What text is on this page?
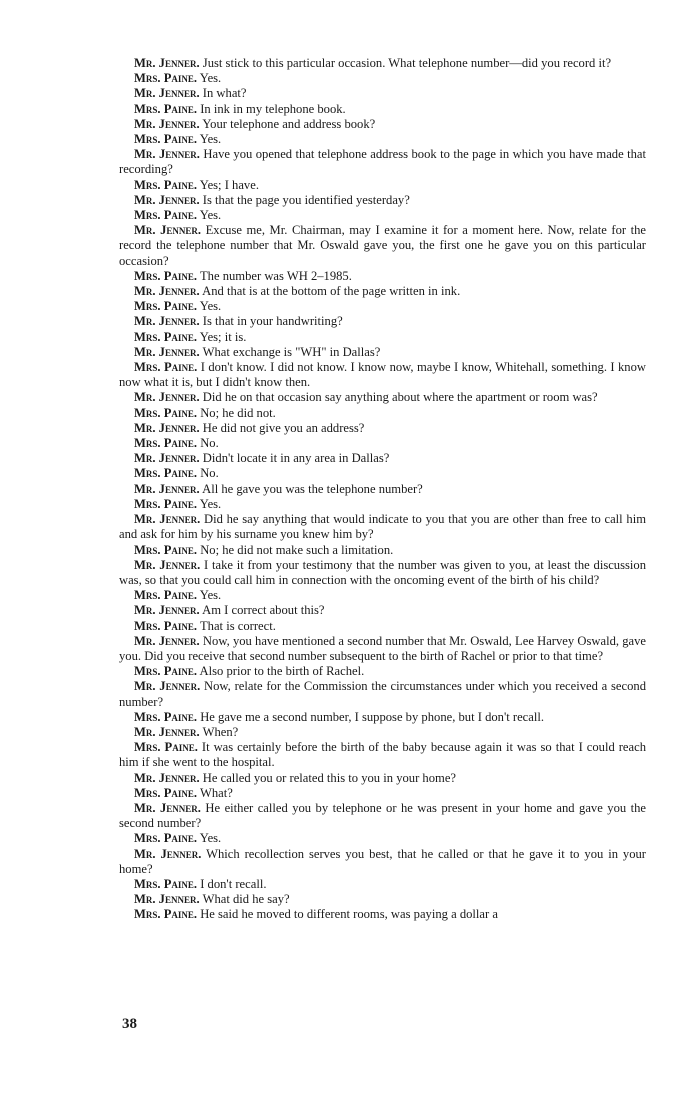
Mr. Jenner. Just stick to this particular occasion. What telephone number—did you record it?

Mrs. Paine. Yes.

Mr. Jenner. In what?

Mrs. Paine. In ink in my telephone book.

Mr. Jenner. Your telephone and address book?

Mrs. Paine. Yes.

Mr. Jenner. Have you opened that telephone address book to the page in which you have made that recording?

Mrs. Paine. Yes; I have.

Mr. Jenner. Is that the page you identified yesterday?

Mrs. Paine. Yes.

Mr. Jenner. Excuse me, Mr. Chairman, may I examine it for a moment here. Now, relate for the record the telephone number that Mr. Oswald gave you, the first one he gave you on this particular occasion?

Mrs. Paine. The number was WH 2–1985.

Mr. Jenner. And that is at the bottom of the page written in ink.

Mrs. Paine. Yes.

Mr. Jenner. Is that in your handwriting?

Mrs. Paine. Yes; it is.

Mr. Jenner. What exchange is "WH" in Dallas?

Mrs. Paine. I don't know. I did not know. I know now, maybe I know, Whitehall, something. I know now what it is, but I didn't know then.

Mr. Jenner. Did he on that occasion say anything about where the apartment or room was?

Mrs. Paine. No; he did not.

Mr. Jenner. He did not give you an address?

Mrs. Paine. No.

Mr. Jenner. Didn't locate it in any area in Dallas?

Mrs. Paine. No.

Mr. Jenner. All he gave you was the telephone number?

Mrs. Paine. Yes.

Mr. Jenner. Did he say anything that would indicate to you that you are other than free to call him and ask for him by his surname you knew him by?

Mrs. Paine. No; he did not make such a limitation.

Mr. Jenner. I take it from your testimony that the number was given to you, at least the discussion was, so that you could call him in connection with the oncoming event of the birth of his child?

Mrs. Paine. Yes.

Mr. Jenner. Am I correct about this?

Mrs. Paine. That is correct.

Mr. Jenner. Now, you have mentioned a second number that Mr. Oswald, Lee Harvey Oswald, gave you. Did you receive that second number subsequent to the birth of Rachel or prior to that time?

Mrs. Paine. Also prior to the birth of Rachel.

Mr. Jenner. Now, relate for the Commission the circumstances under which you received a second number?

Mrs. Paine. He gave me a second number, I suppose by phone, but I don't recall.

Mr. Jenner. When?

Mrs. Paine. It was certainly before the birth of the baby because again it was so that I could reach him if she went to the hospital.

Mr. Jenner. He called you or related this to you in your home?

Mrs. Paine. What?

Mr. Jenner. He either called you by telephone or he was present in your home and gave you the second number?

Mrs. Paine. Yes.

Mr. Jenner. Which recollection serves you best, that he called or that he gave it to you in your home?

Mrs. Paine. I don't recall.

Mr. Jenner. What did he say?

Mrs. Paine. He said he moved to different rooms, was paying a dollar a

38
